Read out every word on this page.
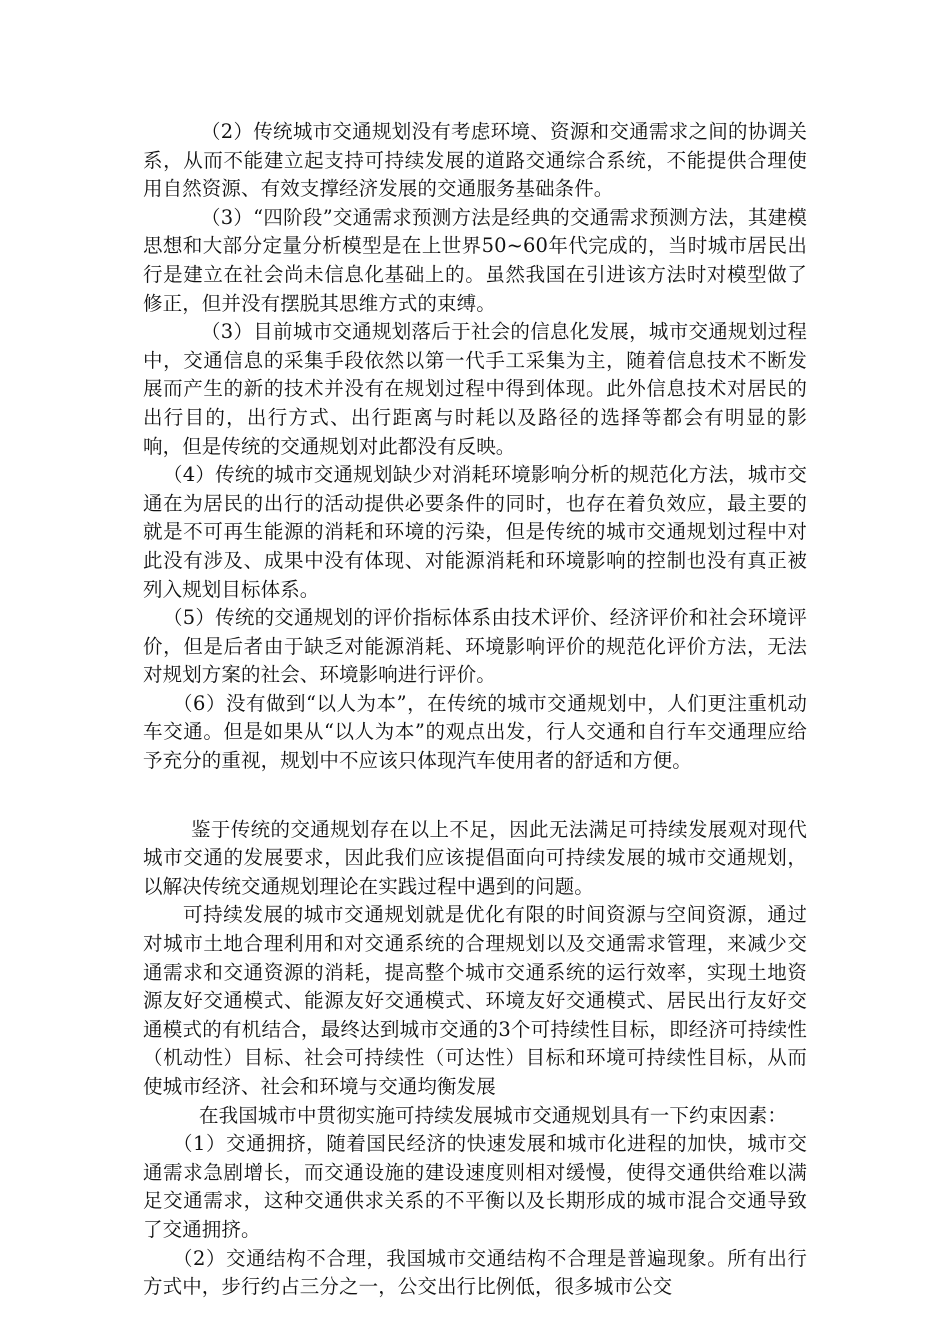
（2）传统城市交通规划没有考虑环境、资源和交通需求之间的协调关系，从而不能建立起支持可持续发展的道路交通综合系统，不能提供合理使用自然资源、有效支撑经济发展的交通服务基础条件。

（3）“四阶段”交通需求预测方法是经典的交通需求预测方法，其建模思想和大部分定量分析模型是在上世界50~60年代完成的，当时城市居民出行是建立在社会尚未信息化基础上的。虽然我国在引进该方法时对模型做了修正，但并没有摆脱其思维方式的束缚。

（3）目前城市交通规划落后于社会的信息化发展，城市交通规划过程中，交通信息的采集手段依然以第一代手工采集为主，随着信息技术不断发展而产生的新的技术并没有在规划过程中得到体现。此外信息技术对居民的出行目的，出行方式、出行距离与时耗以及路径的选择等都会有明显的影响，但是传统的交通规划对此都没有反映。

（4）传统的城市交通规划缺少对消耗环境影响分析的规范化方法，城市交通在为居民的出行的活动提供必要条件的同时，也存在着负效应，最主要的就是不可再生能源的消耗和环境的污染，但是传统的城市交通规划过程中对此没有涉及、成果中没有体现、对能源消耗和环境影响的控制也没有真正被列入规划目标体系。

（5）传统的交通规划的评价指标体系由技术评价、经济评价和社会环境评价，但是后者由于缺乏对能源消耗、环境影响评价的规范化评价方法，无法对规划方案的社会、环境影响进行评价。

（6）没有做到“以人为本”，在传统的城市交通规划中，人们更注重机动车交通。但是如果从“以人为本”的观点出发，行人交通和自行车交通理应给予充分的重视，规划中不应该只体现汽车使用者的舒适和方便。

鉴于传统的交通规划存在以上不足，因此无法满足可持续发展观对现代城市交通的发展要求，因此我们应该提倡面向可持续发展的城市交通规划，以解决传统交通规划理论在实践过程中遇到的问题。

可持续发展的城市交通规划就是优化有限的时间资源与空间资源，通过对城市土地合理利用和对交通系统的合理规划以及交通需求管理，来减少交通需求和交通资源的消耗，提高整个城市交通系统的运行效率，实现土地资源友好交通模式、能源友好交通模式、环境友好交通模式、居民出行友好交通模式的有机结合，最终达到城市交通的3个可持续性目标，即经济可持续性（机动性）目标、社会可持续性（可达性）目标和环境可持续性目标，从而使城市经济、社会和环境与交通均衡发展

在我国城市中贯彻实施可持续发展城市交通规划具有一下约束因素：

（1）交通拥挤，随着国民经济的快速发展和城市化进程的加快，城市交通需求急剧增长，而交通设施的建设速度则相对缓慢，使得交通供给难以满足交通需求，这种交通供求关系的不平衡以及长期形成的城市混合交通导致了交通拥挤。

（2）交通结构不合理，我国城市交通结构不合理是普遍现象。所有出行方式中，步行约占三分之一，公交出行比例低，很多城市公交
